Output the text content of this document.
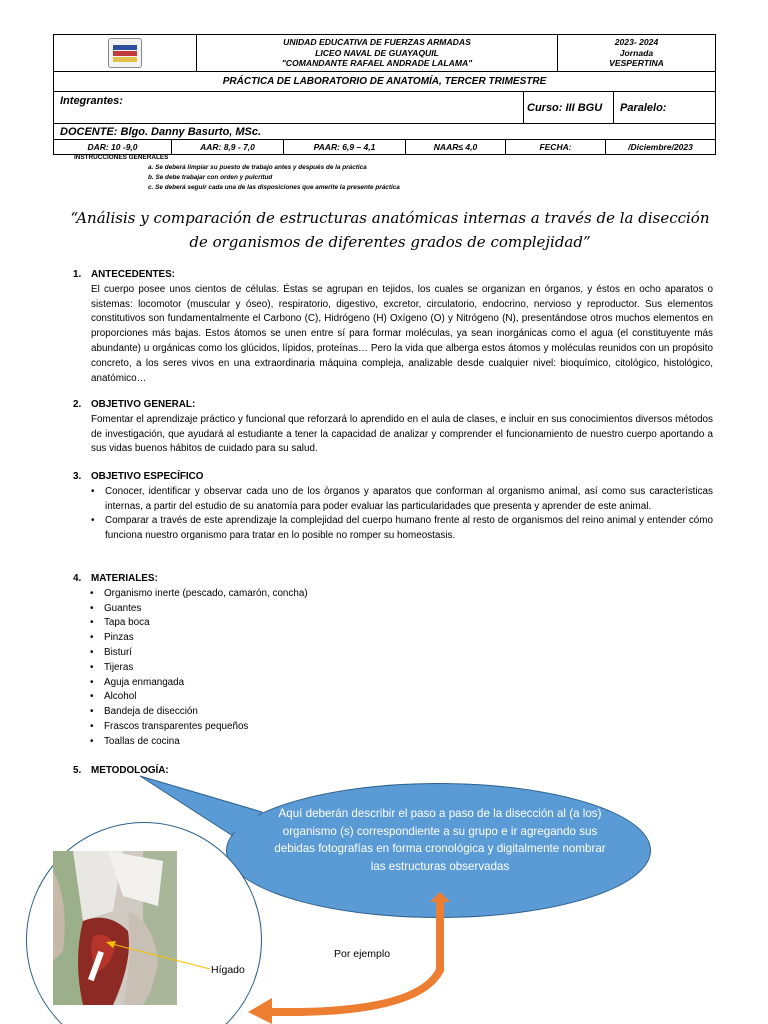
UNIDAD EDUCATIVA DE FUERZAS ARMADAS
LICEO NAVAL DE GUAYAQUIL
"COMANDANTE RAFAEL ANDRADE LALAMA"
2023- 2024
Jornada
VESPERTINA
PRÁCTICA DE LABORATORIO DE ANATOMÍA, TERCER TRIMESTRE
Integrantes:
Curso: III BGU	Paralelo:
DOCENTE: Blgo. Danny Basurto, MSc.
DAR: 10 -9,0	AAR: 8,9 - 7,0	PAAR: 6,9 – 4,1	NAAR≤ 4,0	FECHA:	/Diciembre/2023
INSTRUCCIONES GENERALES
a. Se deberá limpiar su puesto de trabajo antes y después de la práctica
b. Se debe trabajar con orden y pulcritud
c. Se deberá seguir cada una de las disposiciones que amerite la presente práctica
“Análisis y comparación de estructuras anatómicas internas a través de la disección
de organismos de diferentes grados de complejidad”
1. ANTECEDENTES:
El cuerpo posee unos cientos de células. Éstas se agrupan en tejidos, los cuales se organizan en órganos, y éstos en ocho aparatos o sistemas: locomotor (muscular y óseo), respiratorio, digestivo, excretor, circulatorio, endocrino, nervioso y reproductor. Sus elementos constitutivos son fundamentalmente el Carbono (C), Hidrógeno (H) Oxígeno (O) y Nitrógeno (N), presentándose otros muchos elementos en proporciones más bajas. Estos átomos se unen entre sí para formar moléculas, ya sean inorgánicas como el agua (el constituyente más abundante) u orgánicas como los glúcidos, lípidos, proteínas… Pero la vida que alberga estos átomos y moléculas reunidos con un propósito concreto, a los seres vivos en una extraordinaria máquina compleja, analizable desde cualquier nivel: bioquímico, citológico, histológico, anatómico…
2. OBJETIVO GENERAL:
Fomentar el aprendizaje práctico y funcional que reforzará lo aprendido en el aula de clases, e incluir en sus conocimientos diversos métodos de investigación, que ayudará al estudiante a tener la capacidad de analizar y comprender el funcionamiento de nuestro cuerpo aportando a sus vidas buenos hábitos de cuidado para su salud.
3. OBJETIVO ESPECÍFICO
• Conocer, identificar y observar cada uno de los órganos y aparatos que conforman al organismo animal, así como sus características internas, a partir del estudio de su anatomía para poder evaluar las particularidades que presenta y aprender de este animal.
• Comparar a través de este aprendizaje la complejidad del cuerpo humano frente al resto de organismos del reino animal y entender cómo funciona nuestro organismo para tratar en lo posible no romper su homeostasis.
4. MATERIALES:
• Organismo inerte (pescado, camarón, concha)
• Guantes
• Tapa boca
• Pinzas
• Bisturí
• Tijeras
• Aguja enmangada
• Alcohol
• Bandeja de disección
• Frascos transparentes pequeños
• Toallas de cocina
5. METODOLOGÍA:
Aquí deberán describir el paso a paso de la disección al (a los) organismo (s) correspondiente a su grupo e ir agregando sus debidas fotografías en forma cronológica y digitalmente nombrar las estructuras observadas
Hígado
Por ejemplo
